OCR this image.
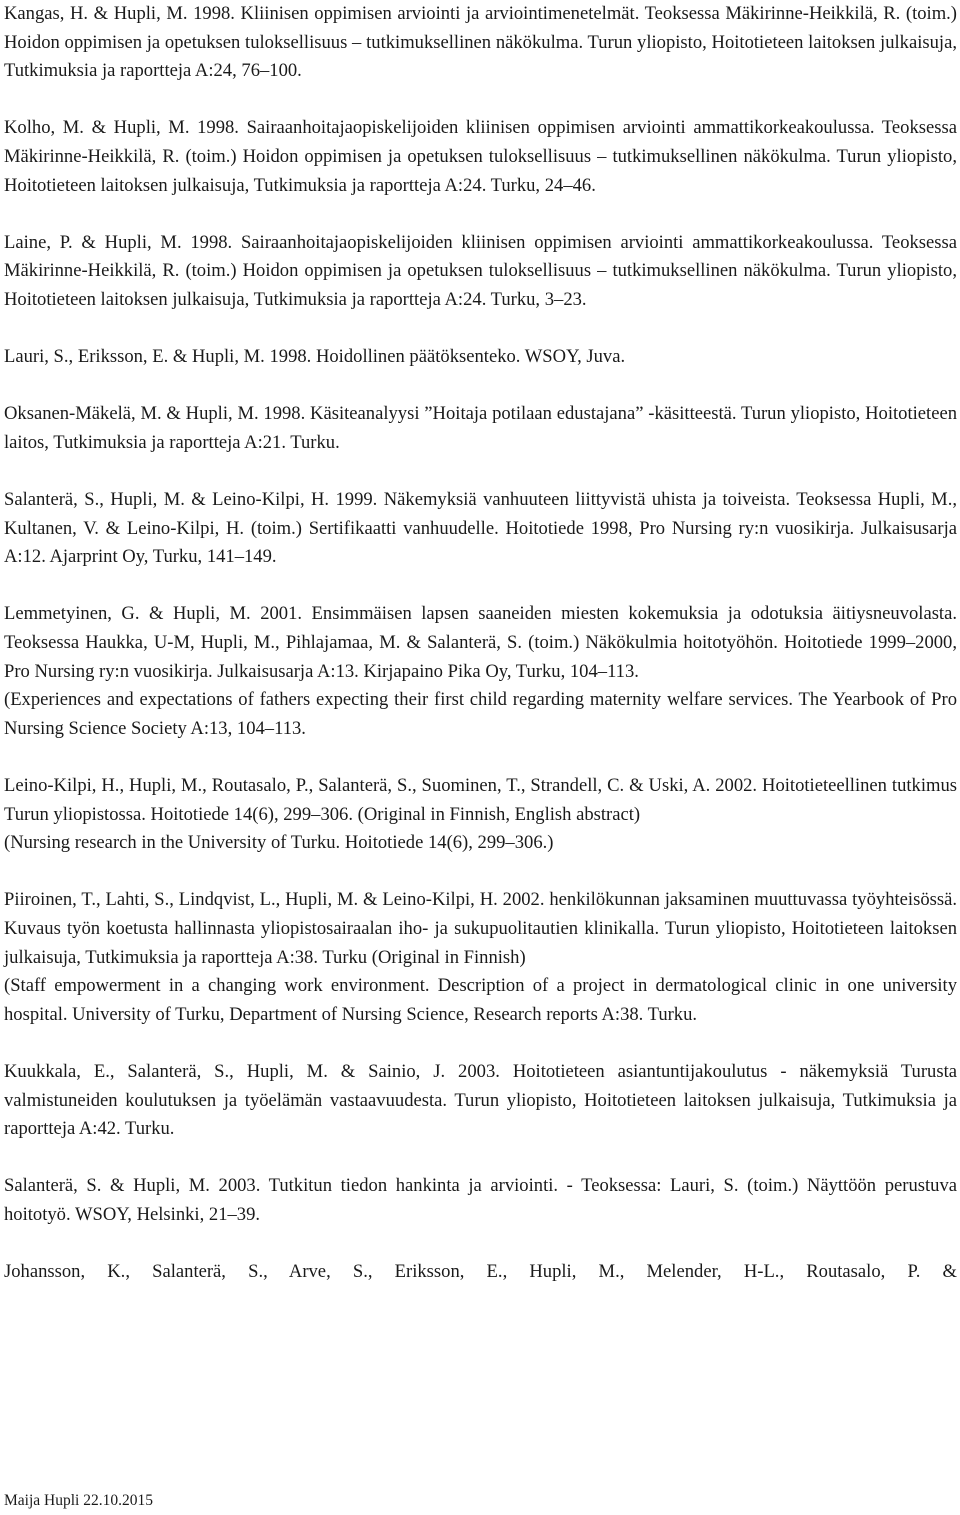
Kangas, H. & Hupli, M. 1998. Kliinisen oppimisen arviointi ja arviointimenetelmät. Teoksessa Mäkirinne-Heikkilä, R. (toim.) Hoidon oppimisen ja opetuksen tuloksellisuus – tutkimuksellinen näkökulma. Turun yliopisto, Hoitotieteen laitoksen julkaisuja, Tutkimuksia ja raportteja A:24, 76–100.

Kolho, M. & Hupli, M. 1998. Sairaanhoitajaopiskelijoiden kliinisen oppimisen arviointi ammattikorkeakoulussa. Teoksessa Mäkirinne-Heikkilä, R. (toim.) Hoidon oppimisen ja opetuksen tuloksellisuus – tutkimuksellinen näkökulma. Turun yliopisto, Hoitotieteen laitoksen julkaisuja, Tutkimuksia ja raportteja A:24. Turku, 24–46.

Laine, P. & Hupli, M. 1998. Sairaanhoitajaopiskelijoiden kliinisen oppimisen arviointi ammattikorkeakoulussa. Teoksessa Mäkirinne-Heikkilä, R. (toim.) Hoidon oppimisen ja opetuksen tuloksellisuus – tutkimuksellinen näkökulma. Turun yliopisto, Hoitotieteen laitoksen julkaisuja, Tutkimuksia ja raportteja A:24. Turku, 3–23.

Lauri, S., Eriksson, E. & Hupli, M. 1998. Hoidollinen päätöksenteko. WSOY, Juva.

Oksanen-Mäkelä, M. & Hupli, M. 1998. Käsiteanalyysi ”Hoitaja potilaan edustajana” -käsitteestä. Turun yliopisto, Hoitotieteen laitos, Tutkimuksia ja raportteja A:21. Turku.

Salanterä, S., Hupli, M. & Leino-Kilpi, H. 1999. Näkemyksiä vanhuuteen liittyvistä uhista ja toiveista. Teoksessa Hupli, M., Kultanen, V. & Leino-Kilpi, H. (toim.) Sertifikaatti vanhuudelle. Hoitotiede 1998, Pro Nursing ry:n vuosikirja. Julkaisusarja A:12. Ajarprint Oy, Turku, 141–149.

Lemmetyinen, G. & Hupli, M. 2001. Ensimmäisen lapsen saaneiden miesten kokemuksia ja odotuksia äitiysneuvolasta. Teoksessa Haukka, U-M, Hupli, M., Pihlajamaa, M. & Salanterä, S. (toim.) Näkökulmia hoitotyöhön. Hoitotiede 1999–2000, Pro Nursing ry:n vuosikirja. Julkaisusarja A:13. Kirjapaino Pika Oy, Turku, 104–113.

(Experiences and expectations of fathers expecting their first child regarding maternity welfare services. The Yearbook of Pro Nursing Science Society A:13, 104–113.

Leino-Kilpi, H., Hupli, M., Routasalo, P., Salanterä, S., Suominen, T., Strandell, C. & Uski, A. 2002. Hoitotieteellinen tutkimus Turun yliopistossa. Hoitotiede 14(6), 299–306. (Original in Finnish, English abstract)

(Nursing research in the University of Turku. Hoitotiede 14(6), 299–306.)

Piiroinen, T., Lahti, S., Lindqvist, L., Hupli, M. & Leino-Kilpi, H. 2002. henkilökunnan jaksaminen muuttuvassa työyhteisössä. Kuvaus työn koetusta hallinnasta yliopistosairaalan iho- ja sukupuolitautien klinikalla. Turun yliopisto, Hoitotieteen laitoksen julkaisuja, Tutkimuksia ja raportteja A:38. Turku (Original in Finnish)

(Staff empowerment in a changing work environment. Description of a project in dermatological clinic in one university hospital. University of Turku, Department of Nursing Science, Research reports A:38. Turku.

Kuukkala, E., Salanterä, S., Hupli, M. & Sainio, J. 2003. Hoitotieteen asiantuntijakoulutus - näkemyksiä Turusta valmistuneiden koulutuksen ja työelämän vastaavuudesta. Turun yliopisto, Hoitotieteen laitoksen julkaisuja, Tutkimuksia ja raportteja A:42. Turku.

Salanterä, S. & Hupli, M. 2003. Tutkitun tiedon hankinta ja arviointi. - Teoksessa: Lauri, S. (toim.) Näyttöön perustuva hoitotyö. WSOY, Helsinki, 21–39.

Johansson, K., Salanterä, S., Arve, S., Eriksson, E., Hupli, M., Melender, H-L., Routasalo, P. &

Maija Hupli 22.10.2015
